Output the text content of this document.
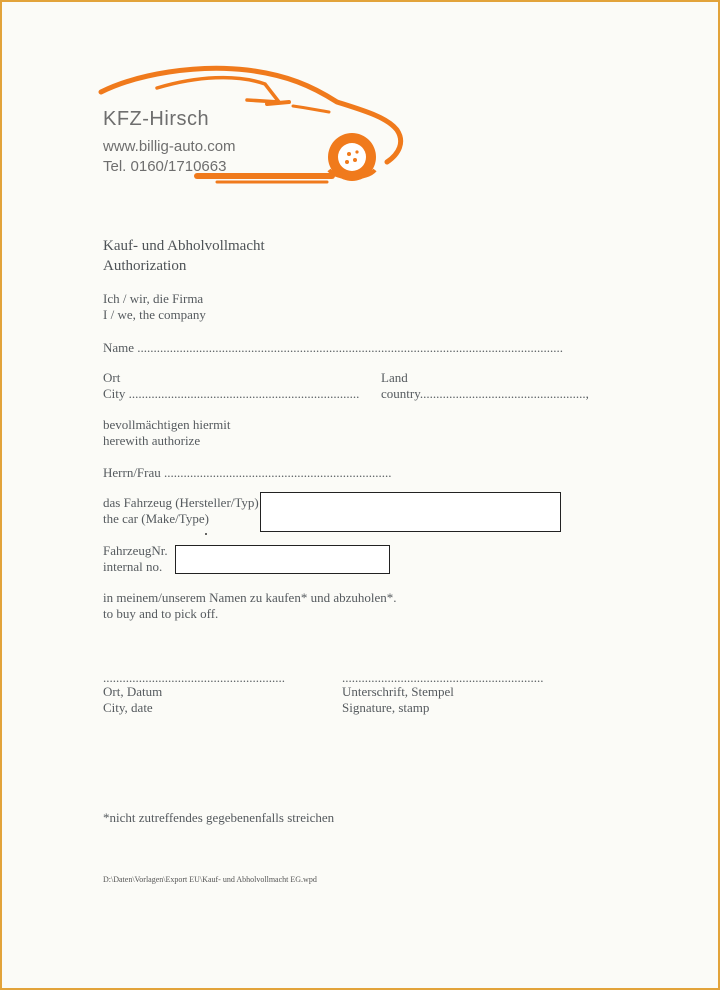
KFZ-Hirsch
www.billig-auto.com
Tel. 0160/1710663
Kauf- und Abholvollmacht
Authorization
Ich / wir, die Firma
I / we, the company
Name ...................................................................................................................................
Ort
City .......................................................................
Land
country...................................................,
bevollmächtigen hiermit
herewith authorize
Herrn/Frau ......................................................................
das Fahrzeug (Hersteller/Typ)
the car (Make/Type)
FahrzeugNr.
internal no.
in meinem/unserem Namen zu kaufen* und abzuholen*.
to buy and to pick off.
........................................................	..............................................................
Ort, Datum
City, date
Unterschrift, Stempel
Signature, stamp
*nicht zutreffendes gegebenenfalls streichen
D:\Daten\Vorlagen\Export EU\Kauf- und Abholvollmacht EG.wpd
